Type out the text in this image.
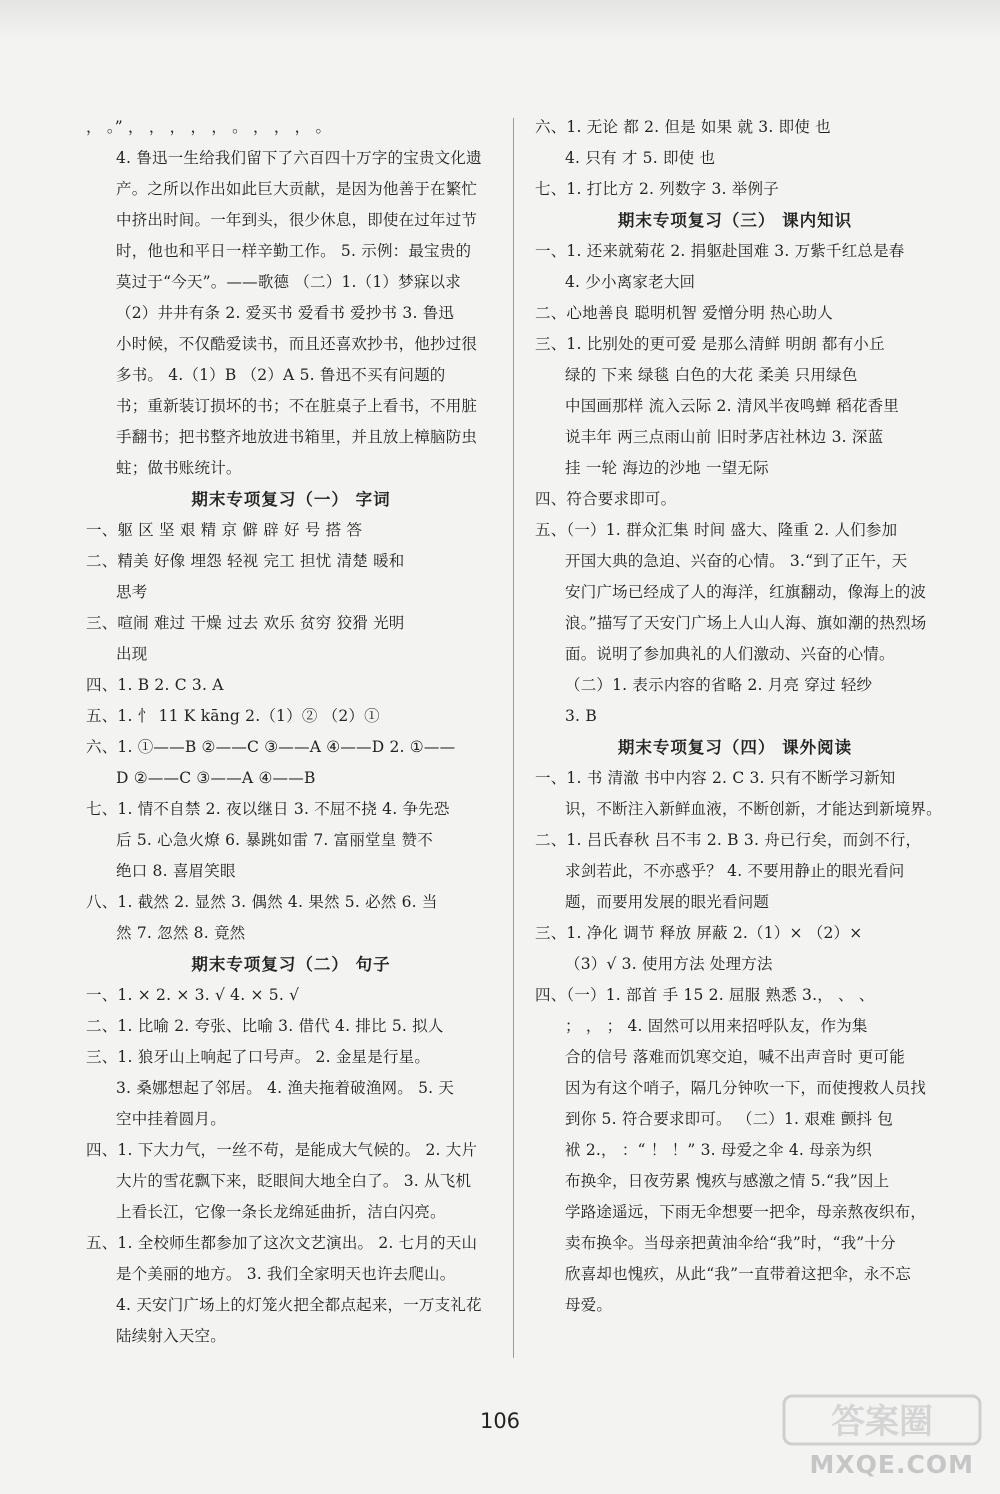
， 。” ， ， ， ， ， 。 ， ， ， 。
4. 鲁迅一生给我们留下了六百四十万字的宝贵文化遗
产。之所以作出如此巨大贡献，是因为他善于在繁忙
中挤出时间。一年到头，很少休息，即使在过年过节
时，他也和平日一样辛勤工作。 5. 示例：最宝贵的
莫过于“今天”。——歌德 （二）1.（1）梦寐以求
（2）井井有条 2. 爱买书 爱看书 爱抄书 3. 鲁迅
小时候，不仅酷爱读书，而且还喜欢抄书，他抄过很
多书。 4.（1）B （2）A 5. 鲁迅不买有问题的
书；重新装订损坏的书；不在脏桌子上看书，不用脏
手翻书；把书整齐地放进书箱里，并且放上樟脑防虫
蛀；做书账统计。
期末专项复习（一） 字词
一、躯 区 坚 艰 精 京 僻 辟 好 号 搭 答
二、精美 好像 埋怨 轻视 完工 担忧 清楚 暖和
思考
三、喧闹 难过 干燥 过去 欢乐 贫穷 狡猾 光明
出现
四、1. B 2. C 3. A
五、1. 忄 11 K kāng 2.（1）② （2）①
六、1. ①——B ②——C ③——A ④——D 2. ①——
D ②——C ③——A ④——B
七、1. 情不自禁 2. 夜以继日 3. 不屈不挠 4. 争先恐
后 5. 心急火燎 6. 暴跳如雷 7. 富丽堂皇 赞不
绝口 8. 喜眉笑眼
八、1. 截然 2. 显然 3. 偶然 4. 果然 5. 必然 6. 当
然 7. 忽然 8. 竟然
期末专项复习（二） 句子
一、1. × 2. × 3. √ 4. × 5. √
二、1. 比喻 2. 夸张、比喻 3. 借代 4. 排比 5. 拟人
三、1. 狼牙山上响起了口号声。 2. 金星是行星。
3. 桑娜想起了邻居。 4. 渔夫拖着破渔网。 5. 天
空中挂着圆月。
四、1. 下大力气，一丝不苟，是能成大气候的。 2. 大片
大片的雪花飘下来，眨眼间大地全白了。 3. 从飞机
上看长江，它像一条长龙绵延曲折，洁白闪亮。
五、1. 全校师生都参加了这次文艺演出。 2. 七月的天山
是个美丽的地方。 3. 我们全家明天也许去爬山。
4. 天安门广场上的灯笼火把全都点起来，一万支礼花
陆续射入天空。
六、1. 无论 都 2. 但是 如果 就 3. 即使 也
4. 只有 才 5. 即使 也
七、1. 打比方 2. 列数字 3. 举例子
期末专项复习（三） 课内知识
一、1. 还来就菊花 2. 捐躯赴国难 3. 万紫千红总是春
4. 少小离家老大回
二、心地善良 聪明机智 爱憎分明 热心助人
三、1. 比别处的更可爱 是那么清鲜 明朗 都有小丘
绿的 下来 绿毯 白色的大花 柔美 只用绿色
中国画那样 流入云际 2. 清风半夜鸣蝉 稻花香里
说丰年 两三点雨山前 旧时茅店社林边 3. 深蓝
挂 一轮 海边的沙地 一望无际
四、符合要求即可。
五、（一）1. 群众汇集 时间 盛大、隆重 2. 人们参加
开国大典的急迫、兴奋的心情。 3.“到了正午，天
安门广场已经成了人的海洋，红旗翻动，像海上的波
浪。”描写了天安门广场上人山人海、旗如潮的热烈场
面。说明了参加典礼的人们激动、兴奋的心情。
（二）1. 表示内容的省略 2. 月亮 穿过 轻纱
3. B
期末专项复习（四） 课外阅读
一、1. 书 清澈 书中内容 2. C 3. 只有不断学习新知
识，不断注入新鲜血液，不断创新，才能达到新境界。
二、1. 吕氏春秋 吕不韦 2. B 3. 舟已行矣，而剑不行，
求剑若此，不亦惑乎？ 4. 不要用静止的眼光看问
题，而要用发展的眼光看问题
三、1. 净化 调节 释放 屏蔽 2.（1）× （2）×
（3）√ 3. 使用方法 处理方法
四、（一）1. 部首 手 15 2. 屈服 熟悉 3.， 、 、
； ， ； 4. 固然可以用来招呼队友，作为集
合的信号 落难而饥寒交迫，喊不出声音时 更可能
因为有这个哨子，隔几分钟吹一下，而使搜救人员找
到你 5. 符合要求即可。 （二）1. 艰难 颤抖 包
袱 2.， ：“ ！ ！” 3. 母爱之伞 4. 母亲为织
布换伞，日夜劳累 愧疚与感激之情 5.“我”因上
学路途遥远，下雨无伞想要一把伞，母亲熬夜织布，
卖布换伞。当母亲把黄油伞给“我”时，“我”十分
欣喜却也愧疚，从此“我”一直带着这把伞，永不忘
母爱。
106	答案圈
MXQE.COM
